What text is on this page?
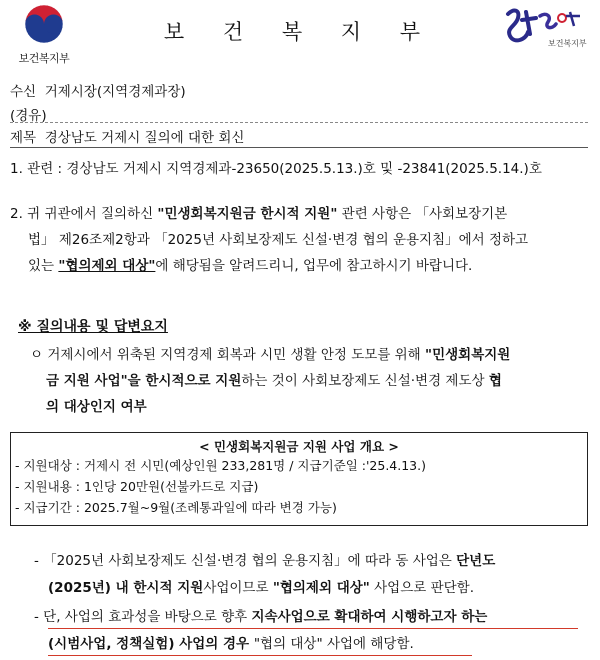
보건복지부
보 건 복 지 부	보건복지부
수신 거제시장(지역경제과장)
(경유)
제목 경상남도 거제시 질의에 대한 회신
1. 관련 : 경상남도 거제시 지역경제과-23650(2025.5.13.)호 및 -23841(2025.5.14.)호
2. 귀 귀관에서 질의하신 "민생회복지원금 한시적 지원" 관련 사항은 「사회보장기본
법」 제26조제2항과 「2025년 사회보장제도 신설·변경 협의 운용지침」에서 정하고
있는 "협의제외 대상"에 해당됨을 알려드리니, 업무에 참고하시기 바랍니다.
※ 질의내용 및 답변요지
ㅇ 거제시에서 위축된 지역경제 회복과 시민 생활 안정 도모를 위해 "민생회복지원
금 지원 사업"을 한시적으로 지원하는 것이 사회보장제도 신설·변경 제도상 협
의 대상인지 여부
< 민생회복지원금 지원 사업 개요 >
- 지원대상 : 거제시 전 시민(예상인원 233,281명 / 지급기준일 :'25.4.13.)
- 지원내용 : 1인당 20만원(선불카드로 지급)
- 지급기간 : 2025.7월~9월(조례통과일에 따라 변경 가능)
- 「2025년 사회보장제도 신설·변경 협의 운용지침」에 따라 동 사업은 단년도
(2025년) 내 한시적 지원사업이므로 "협의제외 대상" 사업으로 판단함.
- 단, 사업의 효과성을 바탕으로 향후 지속사업으로 확대하여 시행하고자 하는
(시범사업, 정책실험) 사업의 경우 "협의 대상" 사업에 해당함.
